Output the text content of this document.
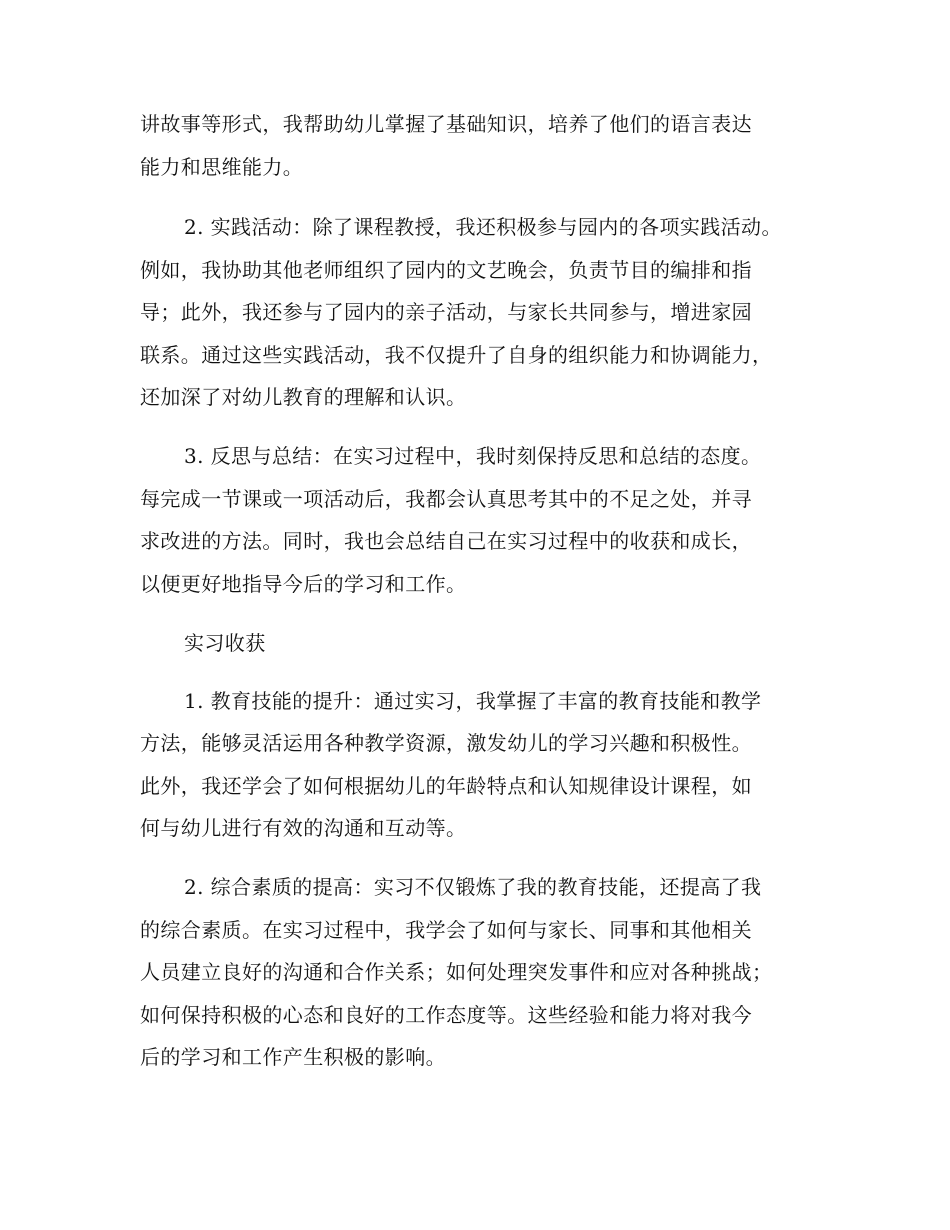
讲故事等形式，我帮助幼儿掌握了基础知识，培养了他们的语言表达
能力和思维能力。
2. 实践活动：除了课程教授，我还积极参与园内的各项实践活动。
例如，我协助其他老师组织了园内的文艺晚会，负责节目的编排和指
导；此外，我还参与了园内的亲子活动，与家长共同参与，增进家园
联系。通过这些实践活动，我不仅提升了自身的组织能力和协调能力，
还加深了对幼儿教育的理解和认识。
3. 反思与总结：在实习过程中，我时刻保持反思和总结的态度。
每完成一节课或一项活动后，我都会认真思考其中的不足之处，并寻
求改进的方法。同时，我也会总结自己在实习过程中的收获和成长，
以便更好地指导今后的学习和工作。
实习收获
1. 教育技能的提升：通过实习，我掌握了丰富的教育技能和教学
方法，能够灵活运用各种教学资源，激发幼儿的学习兴趣和积极性。
此外，我还学会了如何根据幼儿的年龄特点和认知规律设计课程，如
何与幼儿进行有效的沟通和互动等。
2. 综合素质的提高：实习不仅锻炼了我的教育技能，还提高了我
的综合素质。在实习过程中，我学会了如何与家长、同事和其他相关
人员建立良好的沟通和合作关系；如何处理突发事件和应对各种挑战；
如何保持积极的心态和良好的工作态度等。这些经验和能力将对我今
后的学习和工作产生积极的影响。
